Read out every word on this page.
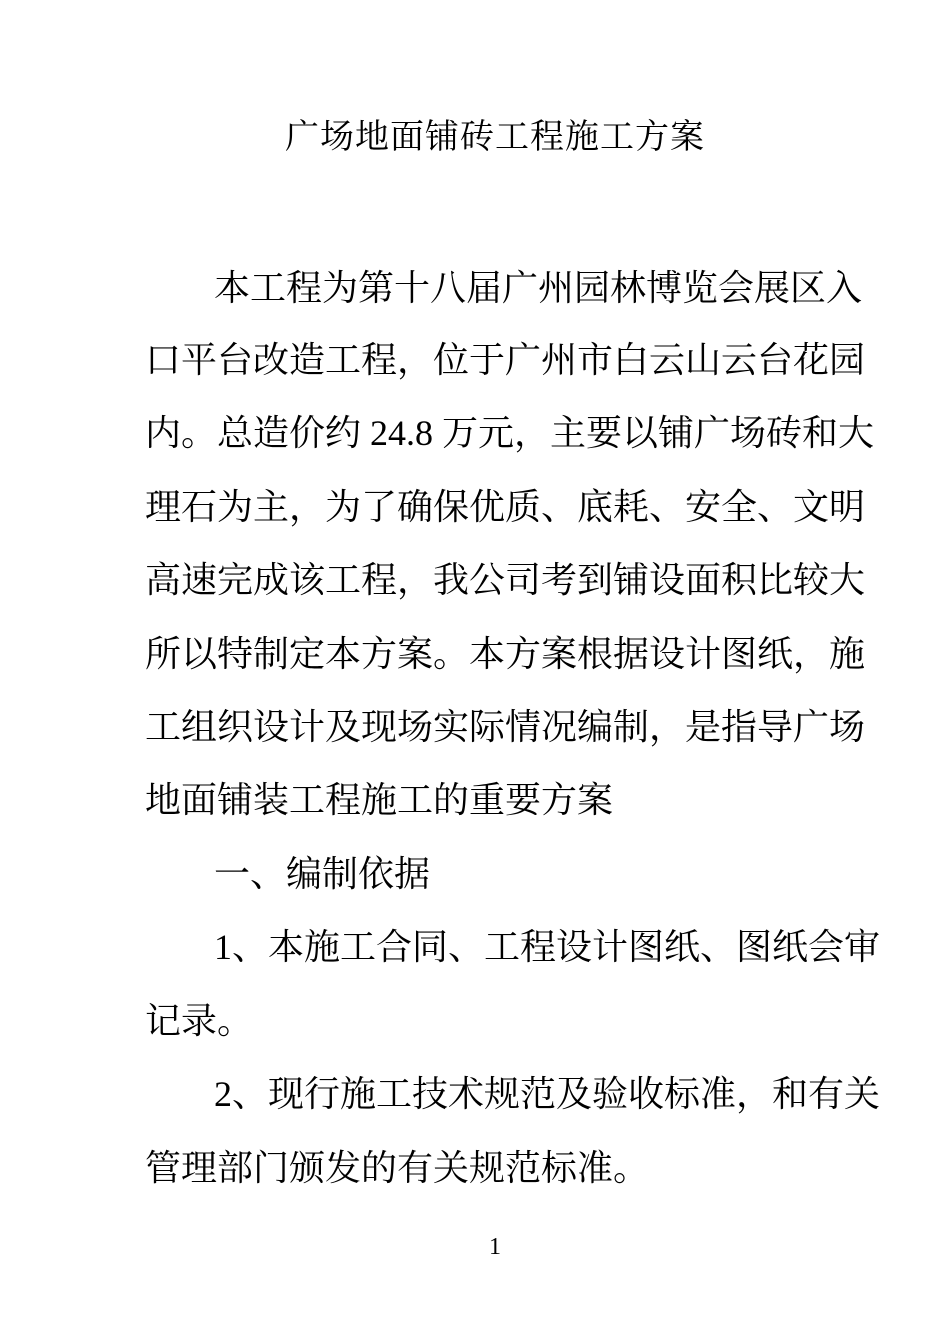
广场地面铺砖工程施工方案
本工程为第十八届广州园林博览会展区入
口平台改造工程，位于广州市白云山云台花园
内。总造价约 24.8 万元，主要以铺广场砖和大
理石为主，为了确保优质、底耗、安全、文明
高速完成该工程，我公司考到铺设面积比较大
所以特制定本方案。本方案根据设计图纸，施
工组织设计及现场实际情况编制，是指导广场
地面铺装工程施工的重要方案
一、编制依据
1、本施工合同、工程设计图纸、图纸会审
记录。
2、现行施工技术规范及验收标准，和有关
管理部门颁发的有关规范标准。
1
